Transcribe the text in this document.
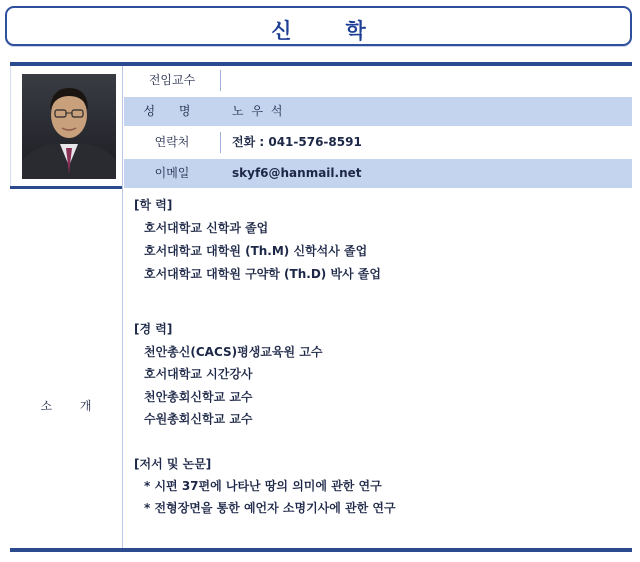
신학
전임교수
성 명	노 우 석
연락처	전화 : 041-576-8591
이메일	skyf6@hanmail.net
소 개
[학 력]
호서대학교 신학과 졸업
호서대학교 대학원 (Th.M) 신학석사 졸업
호서대학교 대학원 구약학 (Th.D) 박사 졸업
[경 력]
천안총신(CACS)평생교육원 고수
호서대학교 시간강사
천안총회신학교 교수
수원총회신학교 교수
[저서 및 논문]
* 시편 37편에 나타난 땅의 의미에 관한 연구
* 전형장면을 통한 예언자 소명기사에 관한 연구
